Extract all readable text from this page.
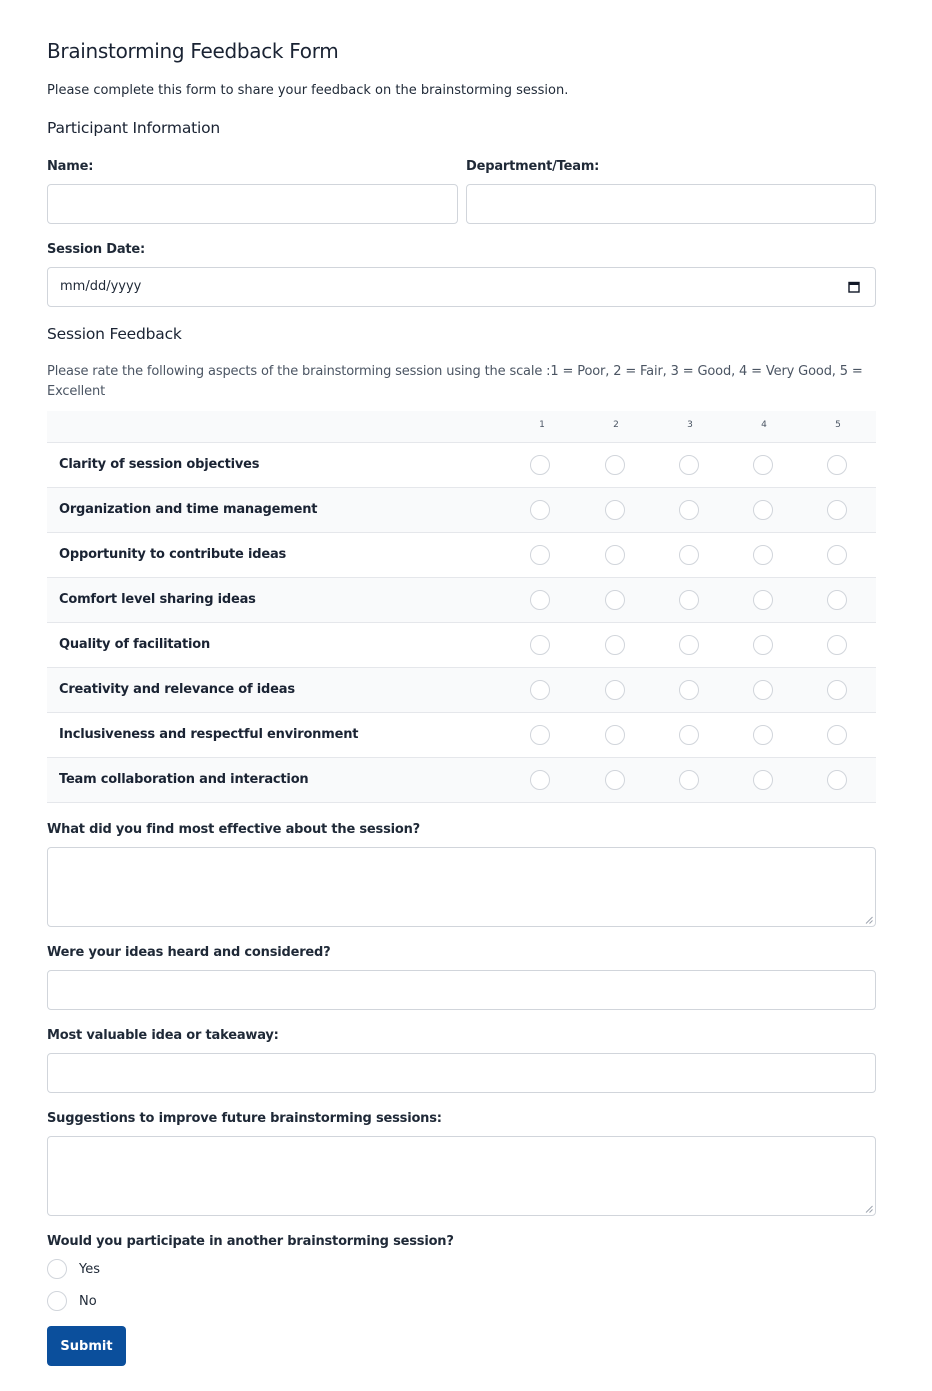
Brainstorming Feedback Form

Please complete this form to share your feedback on the brainstorming session.

Participant Information
Name:	Department/Team:
Session Date:
mm/dd/yyyy
Session Feedback

Please rate the following aspects of the brainstorming session using the scale :1 = Poor, 2 = Fair, 3 = Good, 4 = Very Good, 5 = Excellent

1	2	3	4	5
Clarity of session objectives
Organization and time management
Opportunity to contribute ideas
Comfort level sharing ideas
Quality of facilitation
Creativity and relevance of ideas
Inclusiveness and respectful environment
Team collaboration and interaction
What did you find most effective about the session?
Were your ideas heard and considered?
Most valuable idea or takeaway:
Suggestions to improve future brainstorming sessions:
Would you participate in another brainstorming session?
Yes
No
Submit
